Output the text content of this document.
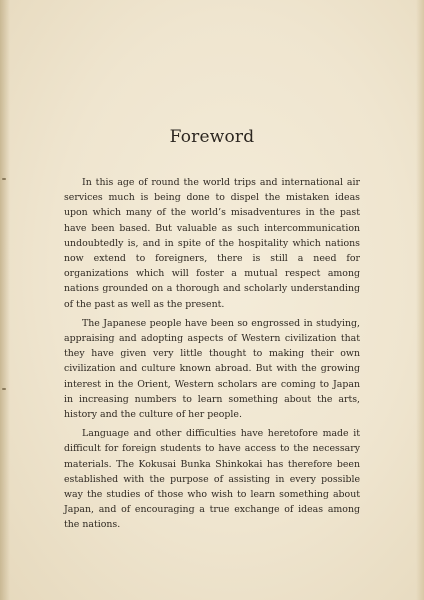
Foreword

In this age of round the world trips and international air services much is being done to dispel the mistaken ideas upon which many of the world’s misadventures in the past have been based. But valuable as such intercommunication undoubtedly is, and in spite of the hospitality which nations now extend to foreigners, there is still a need for organizations which will foster a mutual respect among nations grounded on a thorough and scholarly understanding of the past as well as the present.

The Japanese people have been so engrossed in studying, appraising and adopting aspects of Western civilization that they have given very little thought to making their own civilization and culture known abroad. But with the growing interest in the Orient, Western scholars are coming to Japan in increasing numbers to learn something about the arts, history and the culture of her people.

Language and other difficulties have heretofore made it difficult for foreign students to have access to the necessary materials. The Kokusai Bunka Shinkokai has therefore been established with the purpose of assisting in every possible way the studies of those who wish to learn something about Japan, and of encouraging a true exchange of ideas among the nations.
